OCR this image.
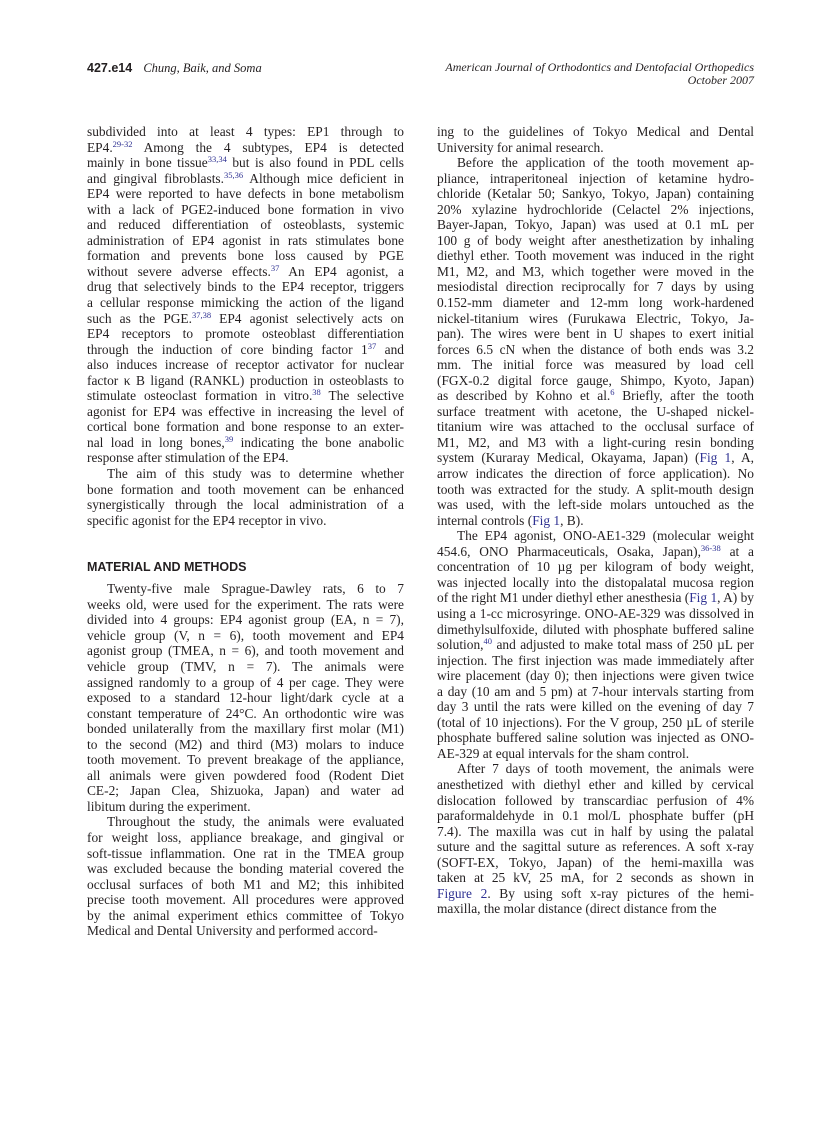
427.e14 Chung, Baik, and Soma	American Journal of Orthodontics and Dentofacial Orthopedics
October 2007
subdivided into at least 4 types: EP1 through to
EP4.$^{29-32}$ Among the 4 subtypes, EP4 is detected
mainly in bone tissue$^{33,34}$ but is also found in PDL cells
and gingival fibroblasts.$^{35,36}$ Although mice deficient in
EP4 were reported to have defects in bone metabolism
with a lack of PGE2-induced bone formation in vivo
and reduced differentiation of osteoblasts, systemic
administration of EP4 agonist in rats stimulates bone
formation and prevents bone loss caused by PGE
without severe adverse effects.$^{37}$ An EP4 agonist, a
drug that selectively binds to the EP4 receptor, triggers
a cellular response mimicking the action of the ligand
such as the PGE.$^{37,38}$ EP4 agonist selectively acts on
EP4 receptors to promote osteoblast differentiation
through the induction of core binding factor $1^{37}$ and
also induces increase of receptor activator for nuclear
factor κ B ligand (RANKL) production in osteoblasts to
stimulate osteoclast formation in vitro.$^{38}$ The selective
agonist for EP4 was effective in increasing the level of
cortical bone formation and bone response to an exter-
nal load in long bones,$^{39}$ indicating the bone anabolic
response after stimulation of the EP4.
The aim of this study was to determine whether
bone formation and tooth movement can be enhanced
synergistically through the local administration of a
specific agonist for the EP4 receptor in vivo.
MATERIAL AND METHODS
Twenty-five male Sprague-Dawley rats, 6 to 7
weeks old, were used for the experiment. The rats were
divided into 4 groups: EP4 agonist group (EA, n = 7),
vehicle group (V, n = 6), tooth movement and EP4
agonist group (TMEA, n = 6), and tooth movement and
vehicle group (TMV, n = 7). The animals were
assigned randomly to a group of 4 per cage. They were
exposed to a standard 12-hour light/dark cycle at a
constant temperature of 24°C. An orthodontic wire was
bonded unilaterally from the maxillary first molar (M1)
to the second (M2) and third (M3) molars to induce
tooth movement. To prevent breakage of the appliance,
all animals were given powdered food (Rodent Diet
CE-2; Japan Clea, Shizuoka, Japan) and water ad
libitum during the experiment.
Throughout the study, the animals were evaluated
for weight loss, appliance breakage, and gingival or
soft-tissue inflammation. One rat in the TMEA group
was excluded because the bonding material covered the
occlusal surfaces of both M1 and M2; this inhibited
precise tooth movement. All procedures were approved
by the animal experiment ethics committee of Tokyo
Medical and Dental University and performed accord-
ing to the guidelines of Tokyo Medical and Dental
University for animal research.
Before the application of the tooth movement ap-
pliance, intraperitoneal injection of ketamine hydro-
chloride (Ketalar 50; Sankyo, Tokyo, Japan) containing
20% xylazine hydrochloride (Celactel 2% injections,
Bayer-Japan, Tokyo, Japan) was used at 0.1 mL per
100 g of body weight after anesthetization by inhaling
diethyl ether. Tooth movement was induced in the right
M1, M2, and M3, which together were moved in the
mesiodistal direction reciprocally for 7 days by using
0.152-mm diameter and 12-mm long work-hardened
nickel-titanium wires (Furukawa Electric, Tokyo, Ja-
pan). The wires were bent in U shapes to exert initial
forces 6.5 cN when the distance of both ends was 3.2
mm. The initial force was measured by load cell
(FGX-0.2 digital force gauge, Shimpo, Kyoto, Japan)
as described by Kohno et al.$^6$ Briefly, after the tooth
surface treatment with acetone, the U-shaped nickel-
titanium wire was attached to the occlusal surface of
M1, M2, and M3 with a light-curing resin bonding
system (Kuraray Medical, Okayama, Japan) (Fig 1, A,
arrow indicates the direction of force application). No
tooth was extracted for the study. A split-mouth design
was used, with the left-side molars untouched as the
internal controls (Fig 1, B).
The EP4 agonist, ONO-AE1-329 (molecular weight
454.6, ONO Pharmaceuticals, Osaka, Japan),$^{36-38}$ at a
concentration of 10 µg per kilogram of body weight,
was injected locally into the distopalatal mucosa region
of the right M1 under diethyl ether anesthesia (Fig 1, A) by
using a 1-cc microsyringe. ONO-AE-329 was dissolved in
dimethylsulfoxide, diluted with phosphate buffered saline
solution,$^{40}$ and adjusted to make total mass of 250 µL per
injection. The first injection was made immediately after
wire placement (day 0); then injections were given twice
a day (10 am and 5 pm) at 7-hour intervals starting from
day 3 until the rats were killed on the evening of day 7
(total of 10 injections). For the V group, 250 µL of sterile
phosphate buffered saline solution was injected as ONO-
AE-329 at equal intervals for the sham control.
After 7 days of tooth movement, the animals were
anesthetized with diethyl ether and killed by cervical
dislocation followed by transcardiac perfusion of 4%
paraformaldehyde in 0.1 mol/L phosphate buffer (pH
7.4). The maxilla was cut in half by using the palatal
suture and the sagittal suture as references. A soft x-ray
(SOFT-EX, Tokyo, Japan) of the hemi-maxilla was
taken at 25 kV, 25 mA, for 2 seconds as shown in
Figure 2. By using soft x-ray pictures of the hemi-
maxilla, the molar distance (direct distance from the
